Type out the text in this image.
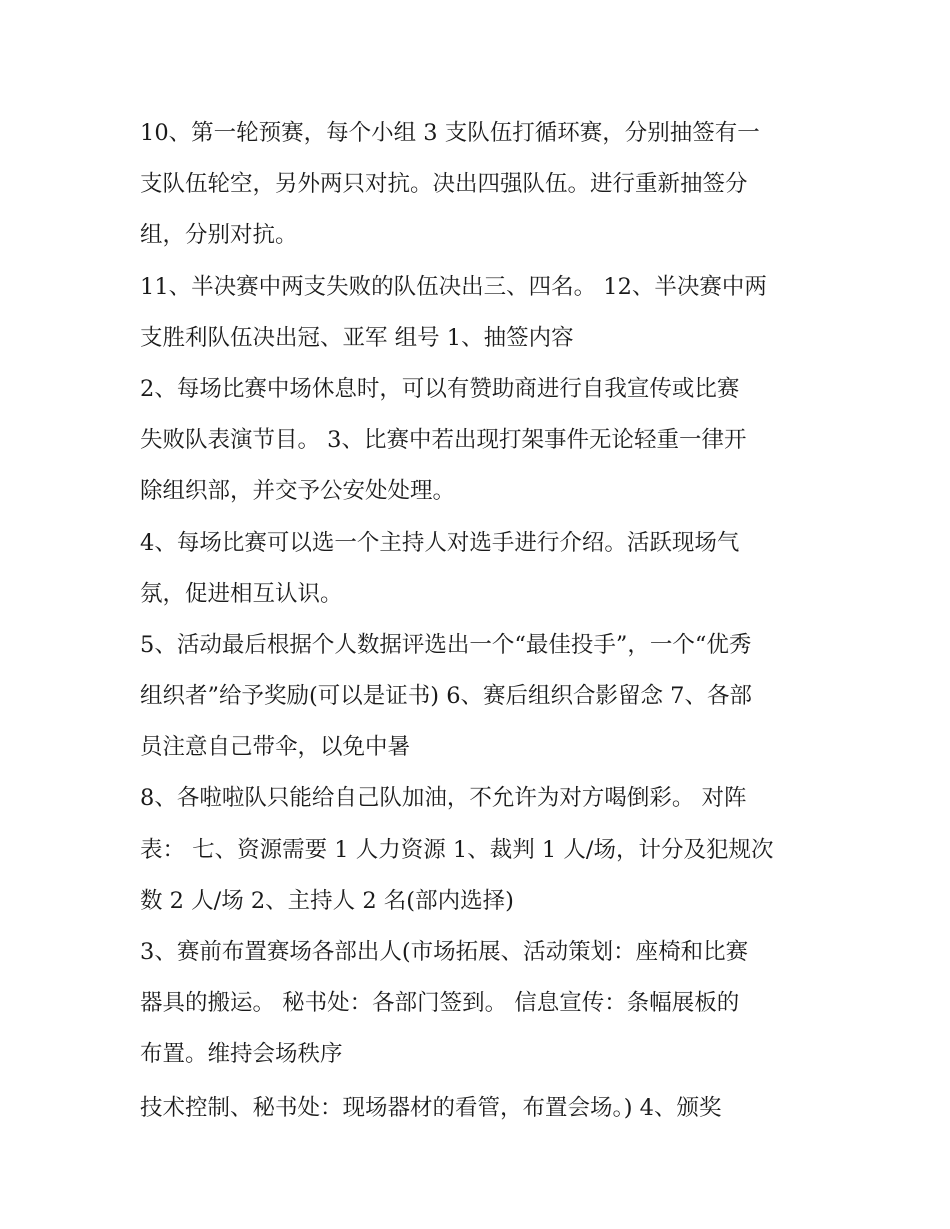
10、第一轮预赛，每个小组 3 支队伍打循环赛，分别抽签有一
支队伍轮空，另外两只对抗。决出四强队伍。进行重新抽签分
组，分别对抗。
11、半决赛中两支失败的队伍决出三、四名。 12、半决赛中两
支胜利队伍决出冠、亚军 组号 1、抽签内容
2、每场比赛中场休息时，可以有赞助商进行自我宣传或比赛
失败队表演节目。 3、比赛中若出现打架事件无论轻重一律开
除组织部，并交予公安处处理。
4、每场比赛可以选一个主持人对选手进行介绍。活跃现场气
氛，促进相互认识。
5、活动最后根据个人数据评选出一个“最佳投手”，一个“优秀
组织者”给予奖励(可以是证书) 6、赛后组织合影留念 7、各部
员注意自己带伞，以免中暑
8、各啦啦队只能给自己队加油，不允许为对方喝倒彩。 对阵
表： 七、资源需要 1 人力资源 1、裁判 1 人/场，计分及犯规次
数 2 人/场 2、主持人 2 名(部内选择)
3、赛前布置赛场各部出人(市场拓展、活动策划：座椅和比赛
器具的搬运。 秘书处：各部门签到。 信息宣传：条幅展板的
布置。维持会场秩序
技术控制、秘书处：现场器材的看管，布置会场。) 4、颁奖
